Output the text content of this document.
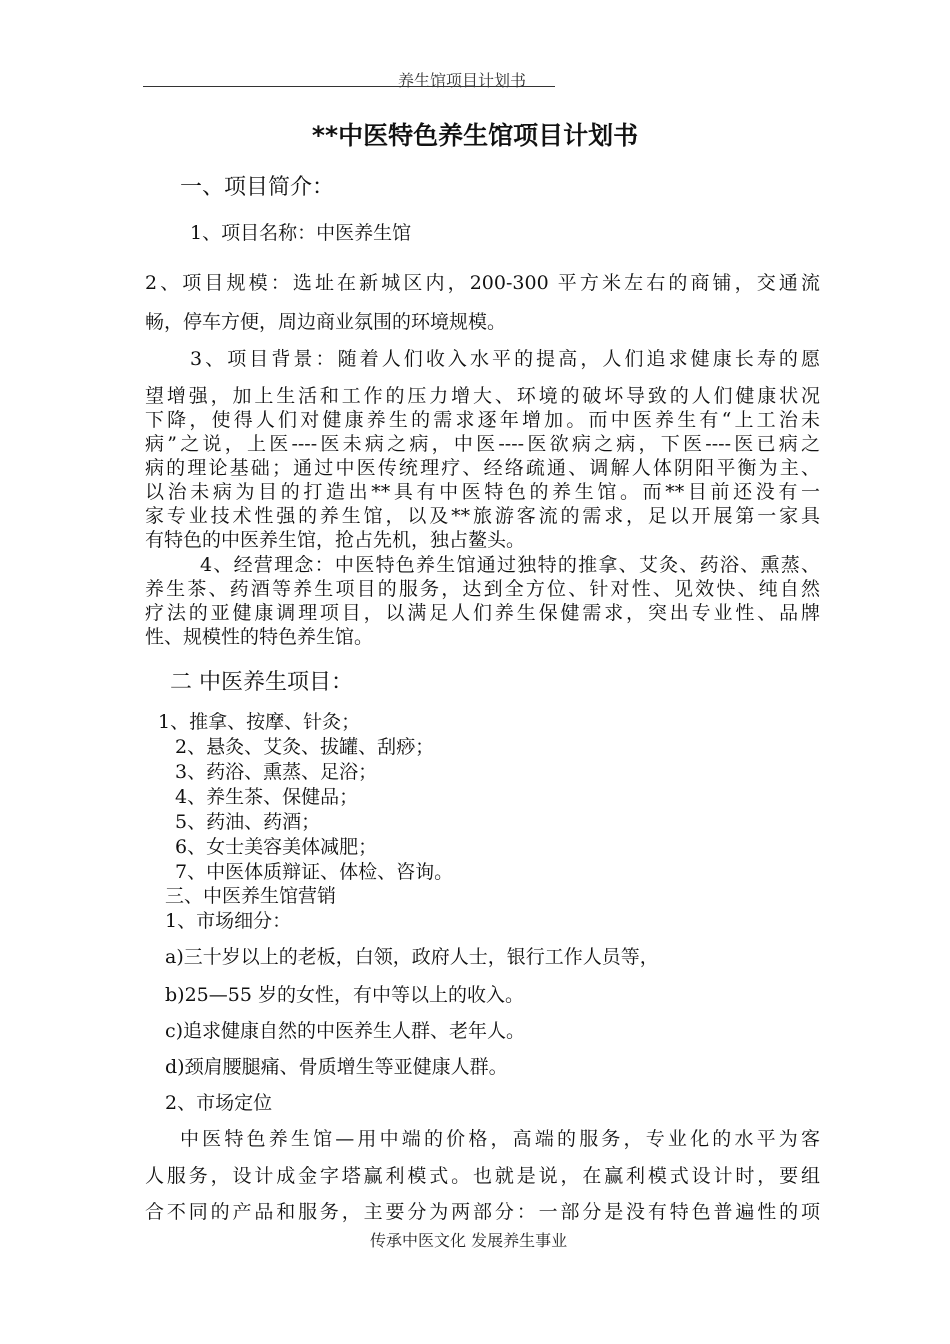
养生馆项目计划书
**中医特色养生馆项目计划书
一、项目简介：
1、项目名称：中医养生馆
2、项目规模：选址在新城区内，200-300 平方米左右的商铺，交通流
畅，停车方便，周边商业氛围的环境规模。
3、项目背景：随着人们收入水平的提高，人们追求健康长寿的愿
望增强，加上生活和工作的压力增大、环境的破坏导致的人们健康状况
下降，使得人们对健康养生的需求逐年增加。而中医养生有“上工治未
病”之说，上医----医未病之病，中医----医欲病之病，下医----医已病之
病的理论基础；通过中医传统理疗、经络疏通、调解人体阴阳平衡为主、
以治未病为目的打造出**具有中医特色的养生馆。而**目前还没有一
家专业技术性强的养生馆，以及**旅游客流的需求，足以开展第一家具
有特色的中医养生馆，抢占先机，独占鳌头。
4、经营理念：中医特色养生馆通过独特的推拿、艾灸、药浴、熏蒸、
养生茶、药酒等养生项目的服务，达到全方位、针对性、见效快、纯自然
疗法的亚健康调理项目，以满足人们养生保健需求，突出专业性、品牌
性、规模性的特色养生馆。
二 中医养生项目：
1、推拿、按摩、针灸；
2、悬灸、艾灸、拔罐、刮痧；
3、药浴、熏蒸、足浴；
4、养生茶、保健品；
5、药油、药酒；
6、女士美容美体减肥；
7、中医体质辩证、体检、咨询。
三、中医养生馆营销
1、市场细分：
a)三十岁以上的老板，白领，政府人士，银行工作人员等，
b)25—55 岁的女性，有中等以上的收入。
c)追求健康自然的中医养生人群、老年人。
d)颈肩腰腿痛、骨质增生等亚健康人群。
2、市场定位
中医特色养生馆—用中端的价格，高端的服务，专业化的水平为客
人服务，设计成金字塔赢利模式。也就是说，在赢利模式设计时，要组
合不同的产品和服务，主要分为两部分：一部分是没有特色普遍性的项
传承中医文化 发展养生事业
